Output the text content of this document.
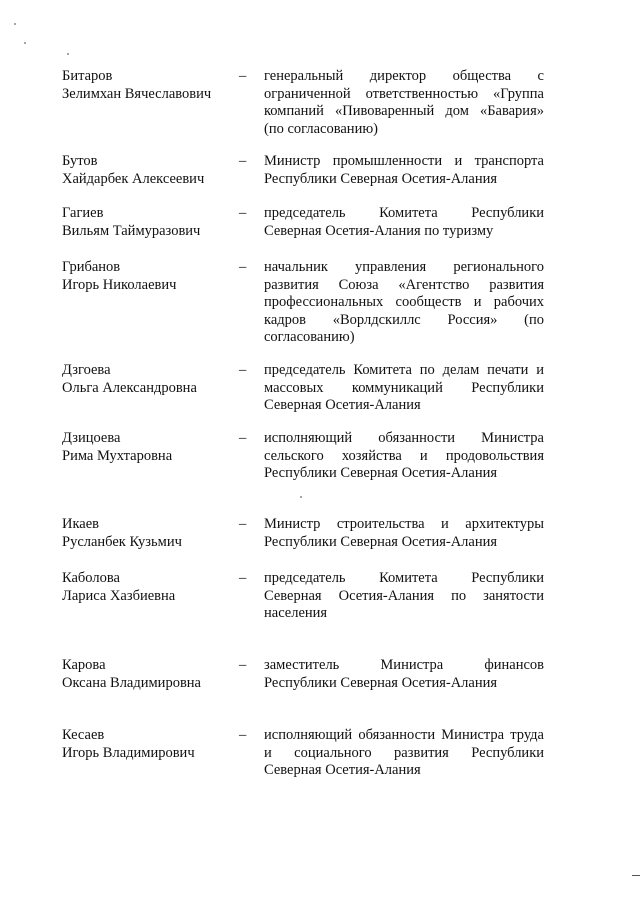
Битаров
Зелимхан Вячеславович
–	генеральный директор общества с ограниченной ответственностью «Группа компаний «Пивоваренный дом «Бавария» (по согласованию)
Бутов
Хайдарбек Алексеевич
–	Министр промышленности и транспорта Республики Северная Осетия-Алания
Гагиев
Вильям Таймуразович
–	председатель Комитета Республики Северная Осетия-Алания по туризму
Грибанов
Игорь Николаевич
–	начальник управления регионального развития Союза «Агентство развития профессиональных сообществ и рабочих кадров «Ворлдскиллс Россия» (по согласованию)
Дзгоева
Ольга Александровна
–	председатель Комитета по делам печати и массовых коммуникаций Республики Северная Осетия-Алания
Дзицоева
Рима Мухтаровна
–	исполняющий обязанности Министра сельского хозяйства и продовольствия Республики Северная Осетия-Алания
Икаев
Русланбек Кузьмич
–	Министр строительства и архитектуры Республики Северная Осетия-Алания
Каболова
Лариса Хазбиевна
–	председатель Комитета Республики Северная Осетия-Алания по занятости населения
Карова
Оксана Владимировна
–	заместитель Министра финансов Республики Северная Осетия-Алания
Кесаев
Игорь Владимирович
–	исполняющий обязанности Министра труда и социального развития Республики Северная Осетия-Алания
